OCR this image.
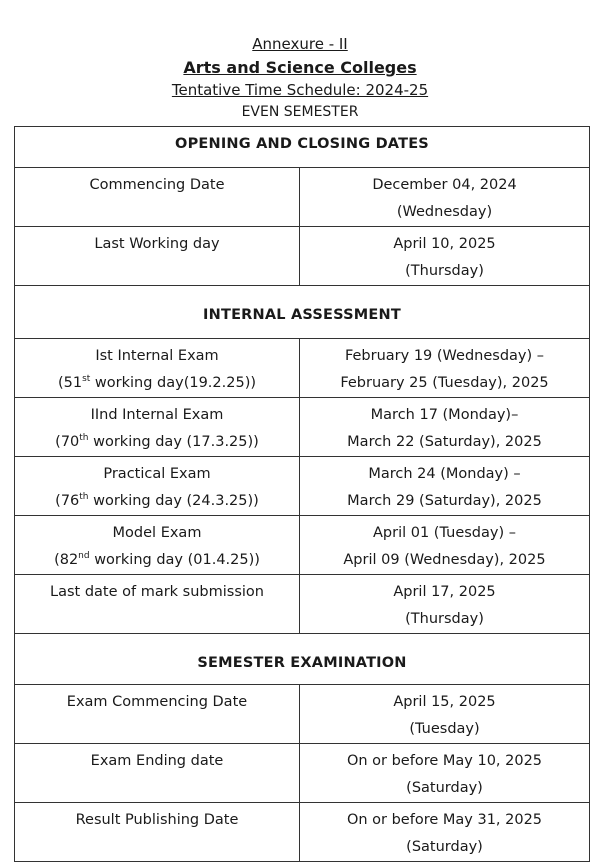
Annexure - II
Arts and Science Colleges
Tentative Time Schedule: 2024-25
EVEN SEMESTER
OPENING AND CLOSING DATES	

Commencing Date	December 04, 2024
(Wednesday)

Last Working day	April 10, 2025
(Thursday)

INTERNAL ASSESSMENT	

Ist Internal Exam
(51st working day(19.2.25))	February 19 (Wednesday) –
February 25 (Tuesday), 2025

IInd Internal Exam
(70th working day (17.3.25))	March 17 (Monday)–
March 22 (Saturday), 2025

Practical Exam
(76th working day (24.3.25))	March 24 (Monday) –
March 29 (Saturday), 2025

Model Exam
(82nd working day (01.4.25))	April 01 (Tuesday) –
April 09 (Wednesday), 2025

Last date of mark submission	April 17, 2025
(Thursday)

SEMESTER EXAMINATION	

Exam Commencing Date	April 15, 2025
(Tuesday)

Exam Ending date	On or before May 10, 2025
(Saturday)

Result Publishing Date	On or before May 31, 2025
(Saturday)
